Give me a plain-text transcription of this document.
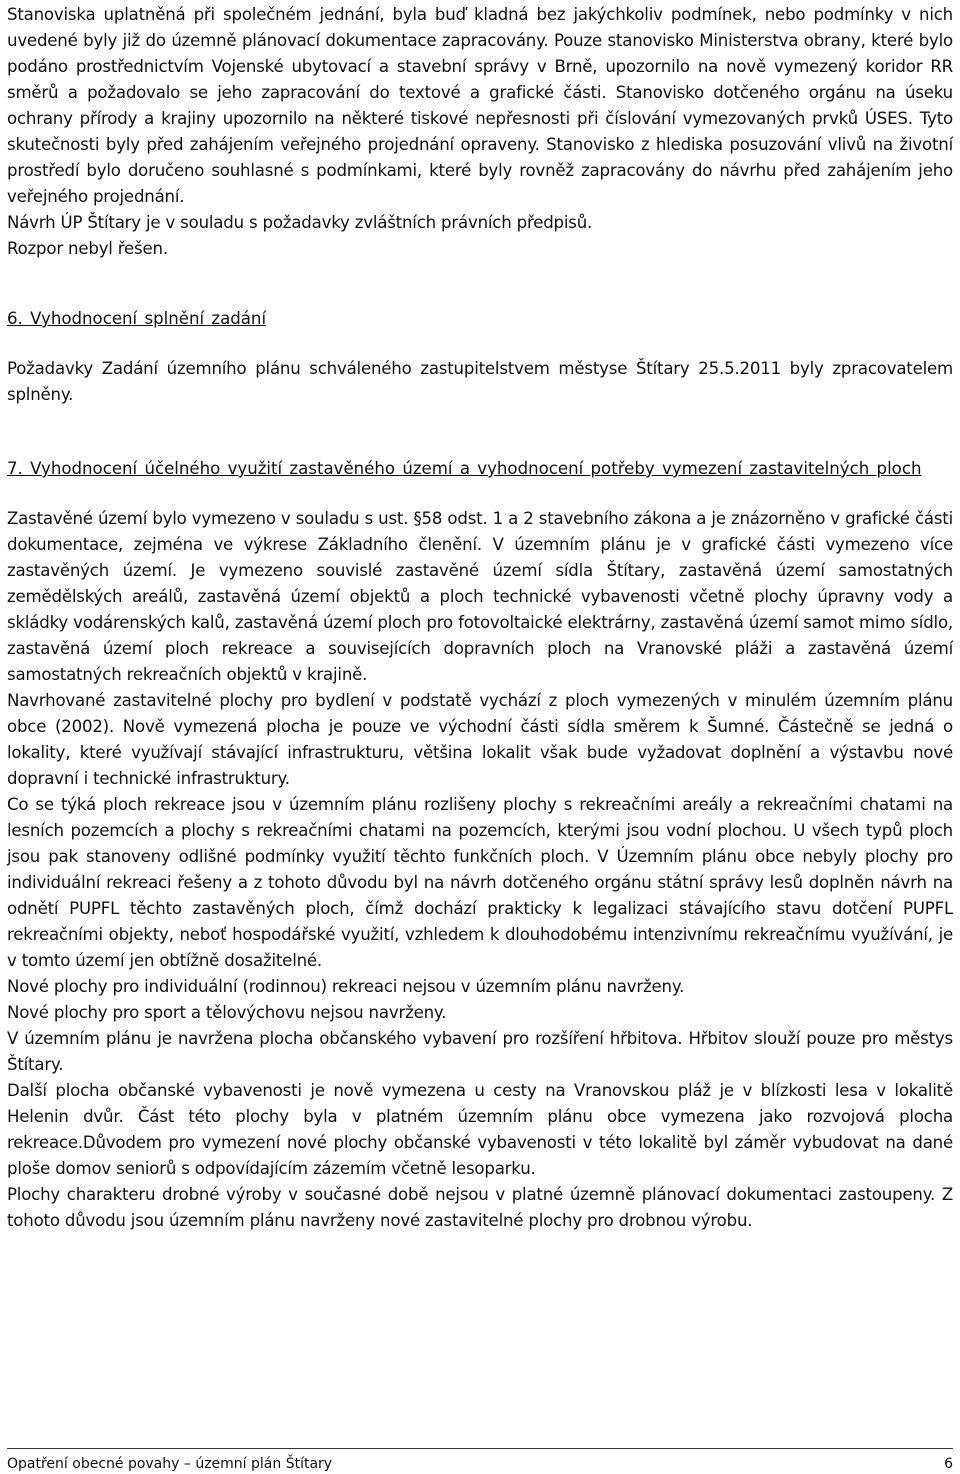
Stanoviska uplatněná při společném jednání, byla buď kladná bez jakýchkoliv podmínek, nebo podmínky v nich uvedené byly již do územně plánovací dokumentace zapracovány. Pouze stanovisko Ministerstva obrany, které bylo podáno prostřednictvím Vojenské ubytovací a stavební správy v Brně, upozornilo na nově vymezený koridor RR směrů a požadovalo se jeho zapracování do textové a grafické části. Stanovisko dotčeného orgánu na úseku ochrany přírody a krajiny upozornilo na některé tiskové nepřesnosti při číslování vymezovaných prvků ÚSES. Tyto skutečnosti byly před zahájením veřejného projednání opraveny. Stanovisko z hlediska posuzování vlivů na životní prostředí bylo doručeno souhlasné s podmínkami, které byly rovněž zapracovány do návrhu před zahájením jeho veřejného projednání.

Návrh ÚP Štítary je v souladu s požadavky zvláštních právních předpisů.

Rozpor nebyl řešen.

6. Vyhodnocení splnění zadání

Požadavky Zadání územního plánu schváleného zastupitelstvem městyse Štítary 25.5.2011 byly zpracovatelem splněny.

7. Vyhodnocení účelného využití zastavěného území a vyhodnocení potřeby vymezení zastavitelných ploch

Zastavěné území bylo vymezeno v souladu s ust. §58 odst. 1 a 2 stavebního zákona a je znázorněno v grafické části dokumentace, zejména ve výkrese Základního členění. V územním plánu je v grafické části vymezeno více zastavěných území. Je vymezeno souvislé zastavěné území sídla Štítary, zastavěná území samostatných zemědělských areálů, zastavěná území objektů a ploch technické vybavenosti včetně plochy úpravny vody a skládky vodárenských kalů, zastavěná území ploch pro fotovoltaické elektrárny, zastavěná území samot mimo sídlo, zastavěná území ploch rekreace a souvisejících dopravních ploch na Vranovské pláži a zastavěná území samostatných rekreačních objektů v krajině.

Navrhované zastavitelné plochy pro bydlení v podstatě vychází z ploch vymezených v minulém územním plánu obce (2002). Nově vymezená plocha je pouze ve východní části sídla směrem k Šumné. Částečně se jedná o lokality, které využívají stávající infrastrukturu, většina lokalit však bude vyžadovat doplnění a výstavbu nové dopravní i technické infrastruktury.

Co se týká ploch rekreace jsou v územním plánu rozlišeny plochy s rekreačními areály a rekreačními chatami na lesních pozemcích a plochy s rekreačními chatami na pozemcích, kterými jsou vodní plochou. U všech typů ploch jsou pak stanoveny odlišné podmínky využití těchto funkčních ploch. V Územním plánu obce nebyly plochy pro individuální rekreaci řešeny a z tohoto důvodu byl na návrh dotčeného orgánu státní správy lesů doplněn návrh na odnětí PUPFL těchto zastavěných ploch, čímž dochází prakticky k legalizaci stávajícího stavu dotčení PUPFL rekreačními objekty, neboť hospodářské využití, vzhledem k dlouhodobému intenzivnímu rekreačnímu využívání, je v tomto území jen obtížně dosažitelné.

Nové plochy pro individuální (rodinnou) rekreaci nejsou v územním plánu navrženy.

Nové plochy pro sport a tělovýchovu nejsou navrženy.

V územním plánu je navržena plocha občanského vybavení pro rozšíření hřbitova. Hřbitov slouží pouze pro městys Štítary.

Další plocha občanské vybavenosti je nově vymezena u cesty na Vranovskou pláž je v blízkosti lesa v lokalitě Helenin dvůr. Část této plochy byla v platném územním plánu obce vymezena jako rozvojová plocha rekreace.Důvodem pro vymezení nové plochy občanské vybavenosti v této lokalitě byl záměr vybudovat na dané ploše domov seniorů s odpovídajícím zázemím včetně lesoparku.

Plochy charakteru drobné výroby v současné době nejsou v platné územně plánovací dokumentaci zastoupeny. Z tohoto důvodu jsou územním plánu navrženy nové zastavitelné plochy pro drobnou výrobu.

Opatření obecné povahy – územní plán Štítary	6
